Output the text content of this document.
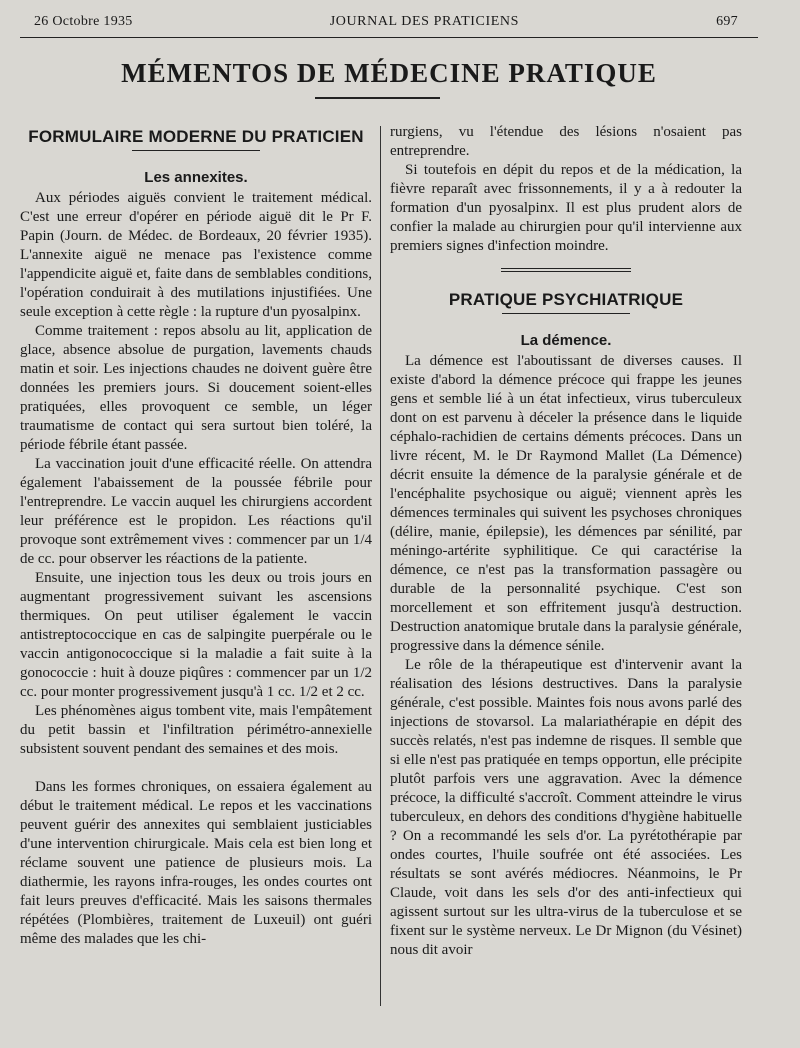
26 Octobre 1935	JOURNAL DES PRATICIENS	697
MÉMENTOS DE MÉDECINE PRATIQUE
FORMULAIRE MODERNE DU PRATICIEN
Les annexites.

Aux périodes aiguës convient le traitement médical. C'est une erreur d'opérer en période aiguë dit le Pr F. Papin (Journ. de Médec. de Bordeaux, 20 février 1935). L'annexite aiguë ne menace pas l'existence comme l'appendicite aiguë et, faite dans de semblables conditions, l'opération conduirait à des mutilations injustifiées. Une seule exception à cette règle : la rupture d'un pyosalpinx.

Comme traitement : repos absolu au lit, application de glace, absence absolue de purgation, lavements chauds matin et soir. Les injections chaudes ne doivent guère être données les premiers jours. Si doucement soient-elles pratiquées, elles provoquent ce semble, un léger traumatisme de contact qui sera surtout bien toléré, la période fébrile étant passée.

La vaccination jouit d'une efficacité réelle. On attendra également l'abaissement de la poussée fébrile pour l'entreprendre. Le vaccin auquel les chirurgiens accordent leur préférence est le propidon. Les réactions qu'il provoque sont extrêmement vives : commencer par un 1/4 de cc. pour observer les réactions de la patiente.

Ensuite, une injection tous les deux ou trois jours en augmentant progressivement suivant les ascensions thermiques. On peut utiliser également le vaccin antistreptococcique en cas de salpingite puerpérale ou le vaccin antigonococcique si la maladie a fait suite à la gonococcie : huit à douze piqûres : commencer par un 1/2 cc. pour monter progressivement jusqu'à 1 cc. 1/2 et 2 cc.

Les phénomènes aigus tombent vite, mais l'empâtement du petit bassin et l'infiltration périmétro-annexielle subsistent souvent pendant des semaines et des mois.

Dans les formes chroniques, on essaiera également au début le traitement médical. Le repos et les vaccinations peuvent guérir des annexites qui semblaient justiciables d'une intervention chirurgicale. Mais cela est bien long et réclame souvent une patience de plusieurs mois. La diathermie, les rayons infra-rouges, les ondes courtes ont fait leurs preuves d'efficacité. Mais les saisons thermales répétées (Plombières, traitement de Luxeuil) ont guéri même des malades que les chi-

rurgiens, vu l'étendue des lésions n'osaient pas entreprendre.

Si toutefois en dépit du repos et de la médication, la fièvre reparaît avec frissonnements, il y a à redouter la formation d'un pyosalpinx. Il est plus prudent alors de confier la malade au chirurgien pour qu'il intervienne aux premiers signes d'infection moindre.

PRATIQUE PSYCHIATRIQUE
La démence.

La démence est l'aboutissant de diverses causes. Il existe d'abord la démence précoce qui frappe les jeunes gens et semble lié à un état infectieux, virus tuberculeux dont on est parvenu à déceler la présence dans le liquide céphalo-rachidien de certains déments précoces. Dans un livre récent, M. le Dr Raymond Mallet (La Démence) décrit ensuite la démence de la paralysie générale et de l'encéphalite psychosique ou aiguë; viennent après les démences terminales qui suivent les psychoses chroniques (délire, manie, épilepsie), les démences par sénilité, par méningo-artérite syphilitique. Ce qui caractérise la démence, ce n'est pas la transformation passagère ou durable de la personnalité psychique. C'est son morcellement et son effritement jusqu'à destruction. Destruction anatomique brutale dans la paralysie générale, progressive dans la démence sénile.

Le rôle de la thérapeutique est d'intervenir avant la réalisation des lésions destructives. Dans la paralysie générale, c'est possible. Maintes fois nous avons parlé des injections de stovarsol. La malariathérapie en dépit des succès relatés, n'est pas indemne de risques. Il semble que si elle n'est pas pratiquée en temps opportun, elle précipite plutôt parfois vers une aggravation. Avec la démence précoce, la difficulté s'accroît. Comment atteindre le virus tuberculeux, en dehors des conditions d'hygiène habituelle ? On a recommandé les sels d'or. La pyrétothérapie par ondes courtes, l'huile soufrée ont été associées. Les résultats se sont avérés médiocres. Néanmoins, le Pr Claude, voit dans les sels d'or des anti-infectieux qui agissent surtout sur les ultra-virus de la tuberculose et se fixent sur le système nerveux. Le Dr Mignon (du Vésinet) nous dit avoir
